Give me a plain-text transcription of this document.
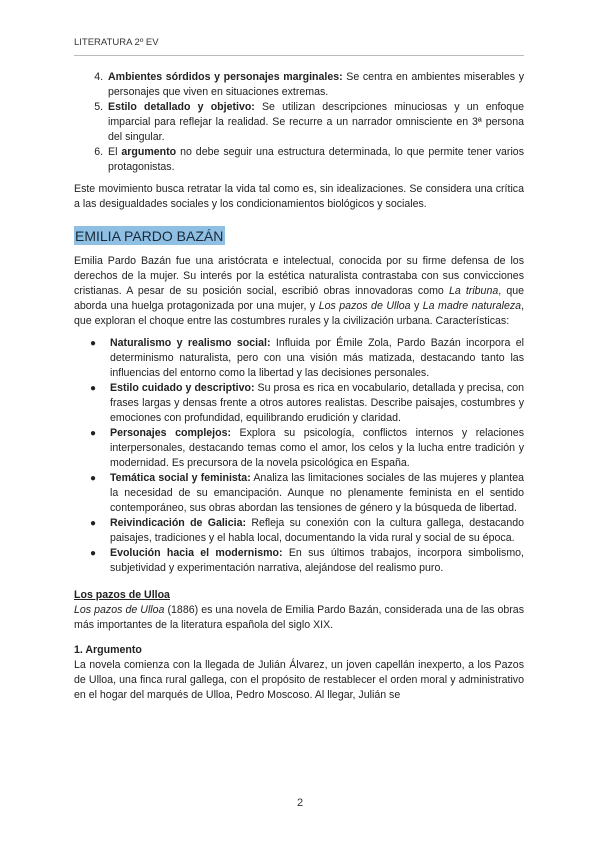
LITERATURA 2º EV
4. Ambientes sórdidos y personajes marginales: Se centra en ambientes miserables y personajes que viven en situaciones extremas.
5. Estilo detallado y objetivo: Se utilizan descripciones minuciosas y un enfoque imparcial para reflejar la realidad. Se recurre a un narrador omnisciente en 3ª persona del singular.
6. El argumento no debe seguir una estructura determinada, lo que permite tener varios protagonistas.

Este movimiento busca retratar la vida tal como es, sin idealizaciones. Se considera una crítica a las desigualdades sociales y los condicionamientos biológicos y sociales.

EMILIA PARDO BAZÁN

Emilia Pardo Bazán fue una aristócrata e intelectual, conocida por su firme defensa de los derechos de la mujer. Su interés por la estética naturalista contrastaba con sus convicciones cristianas. A pesar de su posición social, escribió obras innovadoras como La tribuna, que aborda una huelga protagonizada por una mujer, y Los pazos de Ulloa y La madre naturaleza, que exploran el choque entre las costumbres rurales y la civilización urbana. Características:

● Naturalismo y realismo social: Influida por Émile Zola, Pardo Bazán incorpora el determinismo naturalista, pero con una visión más matizada, destacando tanto las influencias del entorno como la libertad y las decisiones personales.
● Estilo cuidado y descriptivo: Su prosa es rica en vocabulario, detallada y precisa, con frases largas y densas frente a otros autores realistas. Describe paisajes, costumbres y emociones con profundidad, equilibrando erudición y claridad.
● Personajes complejos: Explora su psicología, conflictos internos y relaciones interpersonales, destacando temas como el amor, los celos y la lucha entre tradición y modernidad. Es precursora de la novela psicológica en España.
● Temática social y feminista: Analiza las limitaciones sociales de las mujeres y plantea la necesidad de su emancipación. Aunque no plenamente feminista en el sentido contemporáneo, sus obras abordan las tensiones de género y la búsqueda de libertad.
● Reivindicación de Galicia: Refleja su conexión con la cultura gallega, destacando paisajes, tradiciones y el habla local, documentando la vida rural y social de su época.
● Evolución hacia el modernismo: En sus últimos trabajos, incorpora simbolismo, subjetividad y experimentación narrativa, alejándose del realismo puro.

Los pazos de Ulloa

Los pazos de Ulloa (1886) es una novela de Emilia Pardo Bazán, considerada una de las obras más importantes de la literatura española del siglo XIX.

1. Argumento

La novela comienza con la llegada de Julián Álvarez, un joven capellán inexperto, a los Pazos de Ulloa, una finca rural gallega, con el propósito de restablecer el orden moral y administrativo en el hogar del marqués de Ulloa, Pedro Moscoso. Al llegar, Julián se

2
